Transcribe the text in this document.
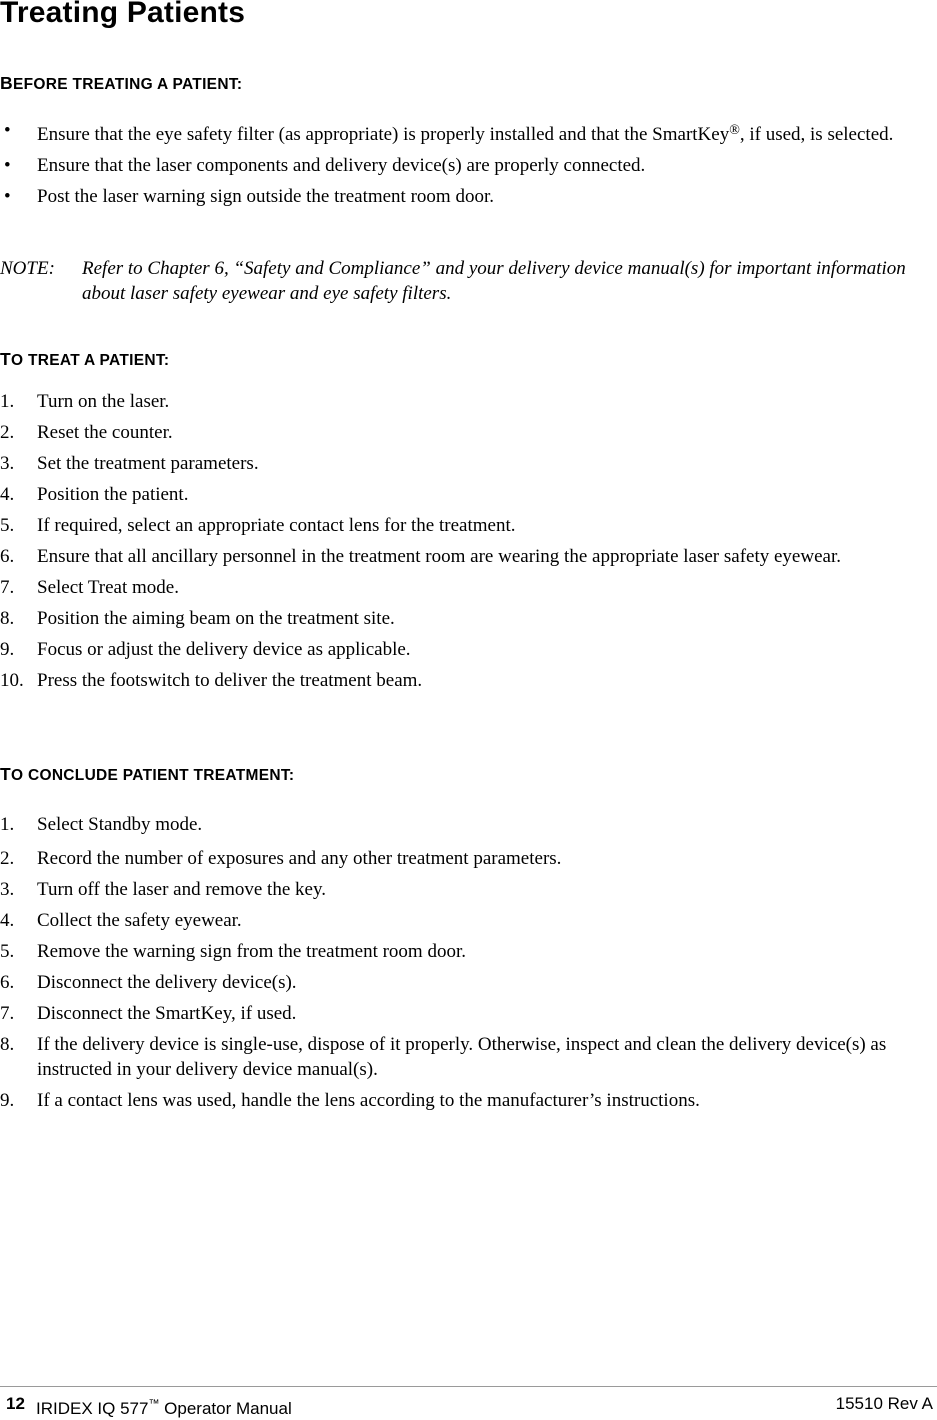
Treating Patients
BEFORE TREATING A PATIENT:
• Ensure that the eye safety filter (as appropriate) is properly installed and that the SmartKey®, if used, is selected.
• Ensure that the laser components and delivery device(s) are properly connected.
• Post the laser warning sign outside the treatment room door.
NOTE: Refer to Chapter 6, “Safety and Compliance” and your delivery device manual(s) for important information about laser safety eyewear and eye safety filters.
TO TREAT A PATIENT:
1. Turn on the laser.
2. Reset the counter.
3. Set the treatment parameters.
4. Position the patient.
5. If required, select an appropriate contact lens for the treatment.
6. Ensure that all ancillary personnel in the treatment room are wearing the appropriate laser safety eyewear.
7. Select Treat mode.
8. Position the aiming beam on the treatment site.
9. Focus or adjust the delivery device as applicable.
10. Press the footswitch to deliver the treatment beam.
TO CONCLUDE PATIENT TREATMENT:
1. Select Standby mode.
2. Record the number of exposures and any other treatment parameters.
3. Turn off the laser and remove the key.
4. Collect the safety eyewear.
5. Remove the warning sign from the treatment room door.
6. Disconnect the delivery device(s).
7. Disconnect the SmartKey, if used.
8. If the delivery device is single-use, dispose of it properly. Otherwise, inspect and clean the delivery device(s) as instructed in your delivery device manual(s).
9. If a contact lens was used, handle the lens according to the manufacturer’s instructions.
12 IRIDEX IQ 577™ Operator Manual	15510 Rev A
